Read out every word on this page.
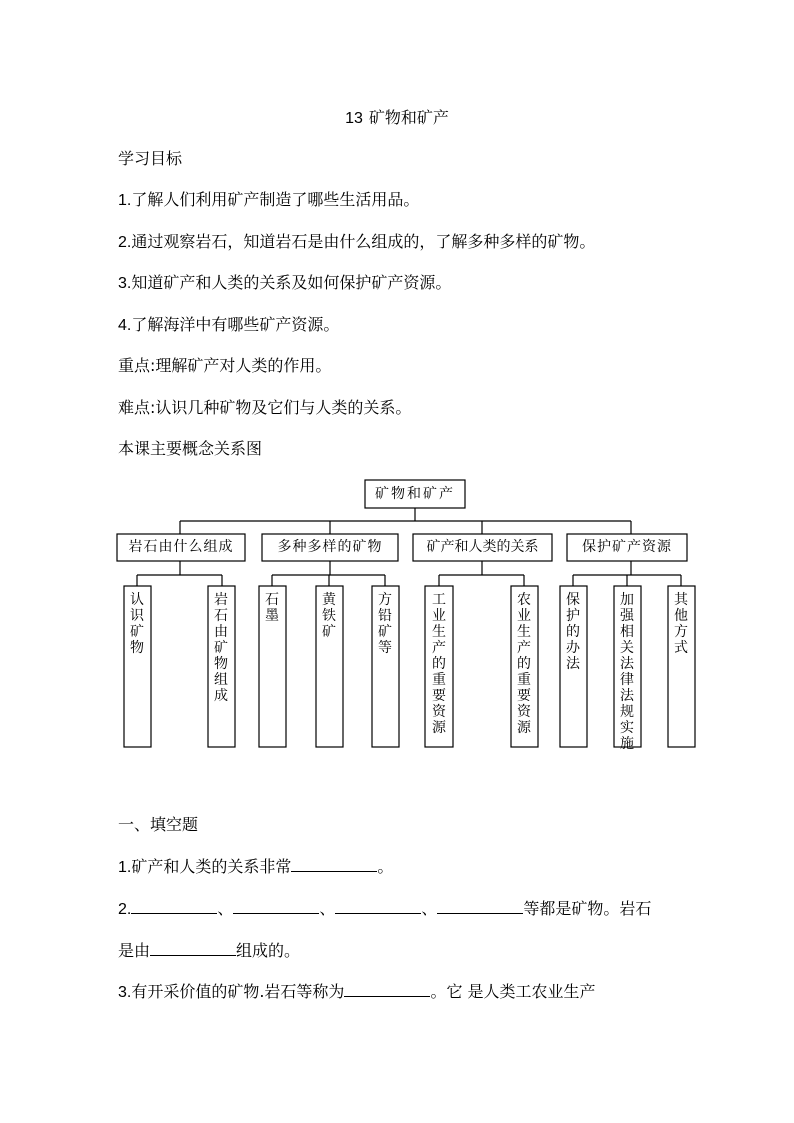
13 矿物和矿产
学习目标
1.了解人们利用矿产制造了哪些生活用品。
2.通过观察岩石，知道岩石是由什么组成的，了解多种多样的矿物。
3.知道矿产和人类的关系及如何保护矿产资源。
4.了解海洋中有哪些矿产资源。
重点:理解矿产对人类的作用。
难点:认识几种矿物及它们与人类的关系。
本课主要概念关系图
矿物和矿产
岩石由什么组成	多种多样的矿物	矿产和人类的关系	保护矿产资源
认
识
矿
物
岩
石
由
矿
物
组
成
石
墨
黄
铁
矿
方
铅
矿
等
工
业
生
产
的
重
要
资
源
农
业
生
产
的
重
要
资
源
保
护
的
办
法
加
强
相
关
法
律
法
规
实
施
其
他
方
式
一、填空题
1.矿产和人类的关系非常	。
2.	、	、	、	等都是矿物。岩石
是由	组成的。
3.有开采价值的矿物.岩石等称为	。它 是人类工农业生产
